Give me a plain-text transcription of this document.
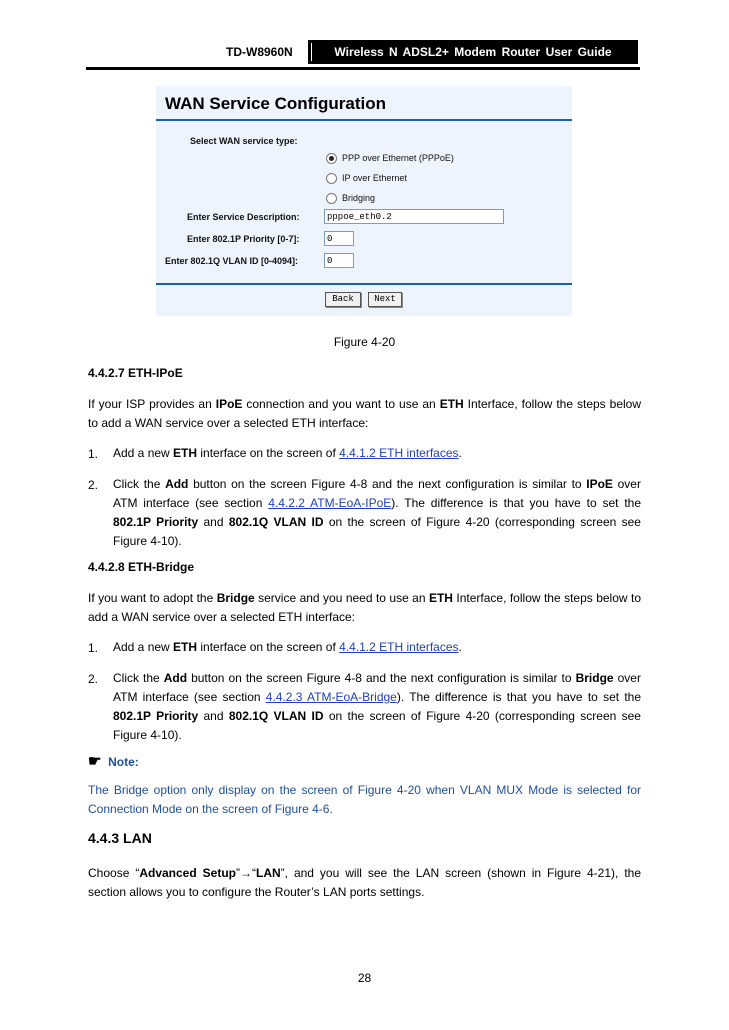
TD-W8960N	Wireless N ADSL2+ Modem Router User Guide
WAN Service Configuration
Select WAN service type:
PPP over Ethernet (PPPoE)
IP over Ethernet
Bridging
Enter Service Description:	pppoe_eth0.2
Enter 802.1P Priority [0-7]:	0
Enter 802.1Q VLAN ID [0-4094]:	0
Back	Next
Figure 4-20
4.4.2.7 ETH-IPoE
If your ISP provides an IPoE connection and you want to use an ETH Interface, follow the steps below to add a WAN service over a selected ETH interface:
1. Add a new ETH interface on the screen of 4.4.1.2 ETH interfaces.
2. Click the Add button on the screen Figure 4-8 and the next configuration is similar to IPoE over ATM interface (see section 4.4.2.2 ATM-EoA-IPoE). The difference is that you have to set the 802.1P Priority and 802.1Q VLAN ID on the screen of Figure 4-20 (corresponding screen see Figure 4-10).
4.4.2.8 ETH-Bridge
If you want to adopt the Bridge service and you need to use an ETH Interface, follow the steps below to add a WAN service over a selected ETH interface:
1. Add a new ETH interface on the screen of 4.4.1.2 ETH interfaces.
2. Click the Add button on the screen Figure 4-8 and the next configuration is similar to Bridge over ATM interface (see section 4.4.2.3 ATM-EoA-Bridge). The difference is that you have to set the 802.1P Priority and 802.1Q VLAN ID on the screen of Figure 4-20 (corresponding screen see Figure 4-10).
☛ Note:
The Bridge option only display on the screen of Figure 4-20 when VLAN MUX Mode is selected for Connection Mode on the screen of Figure 4-6.
4.4.3 LAN
Choose “Advanced Setup”→“LAN”, and you will see the LAN screen (shown in Figure 4-21), the section allows you to configure the Router’s LAN ports settings.
28
